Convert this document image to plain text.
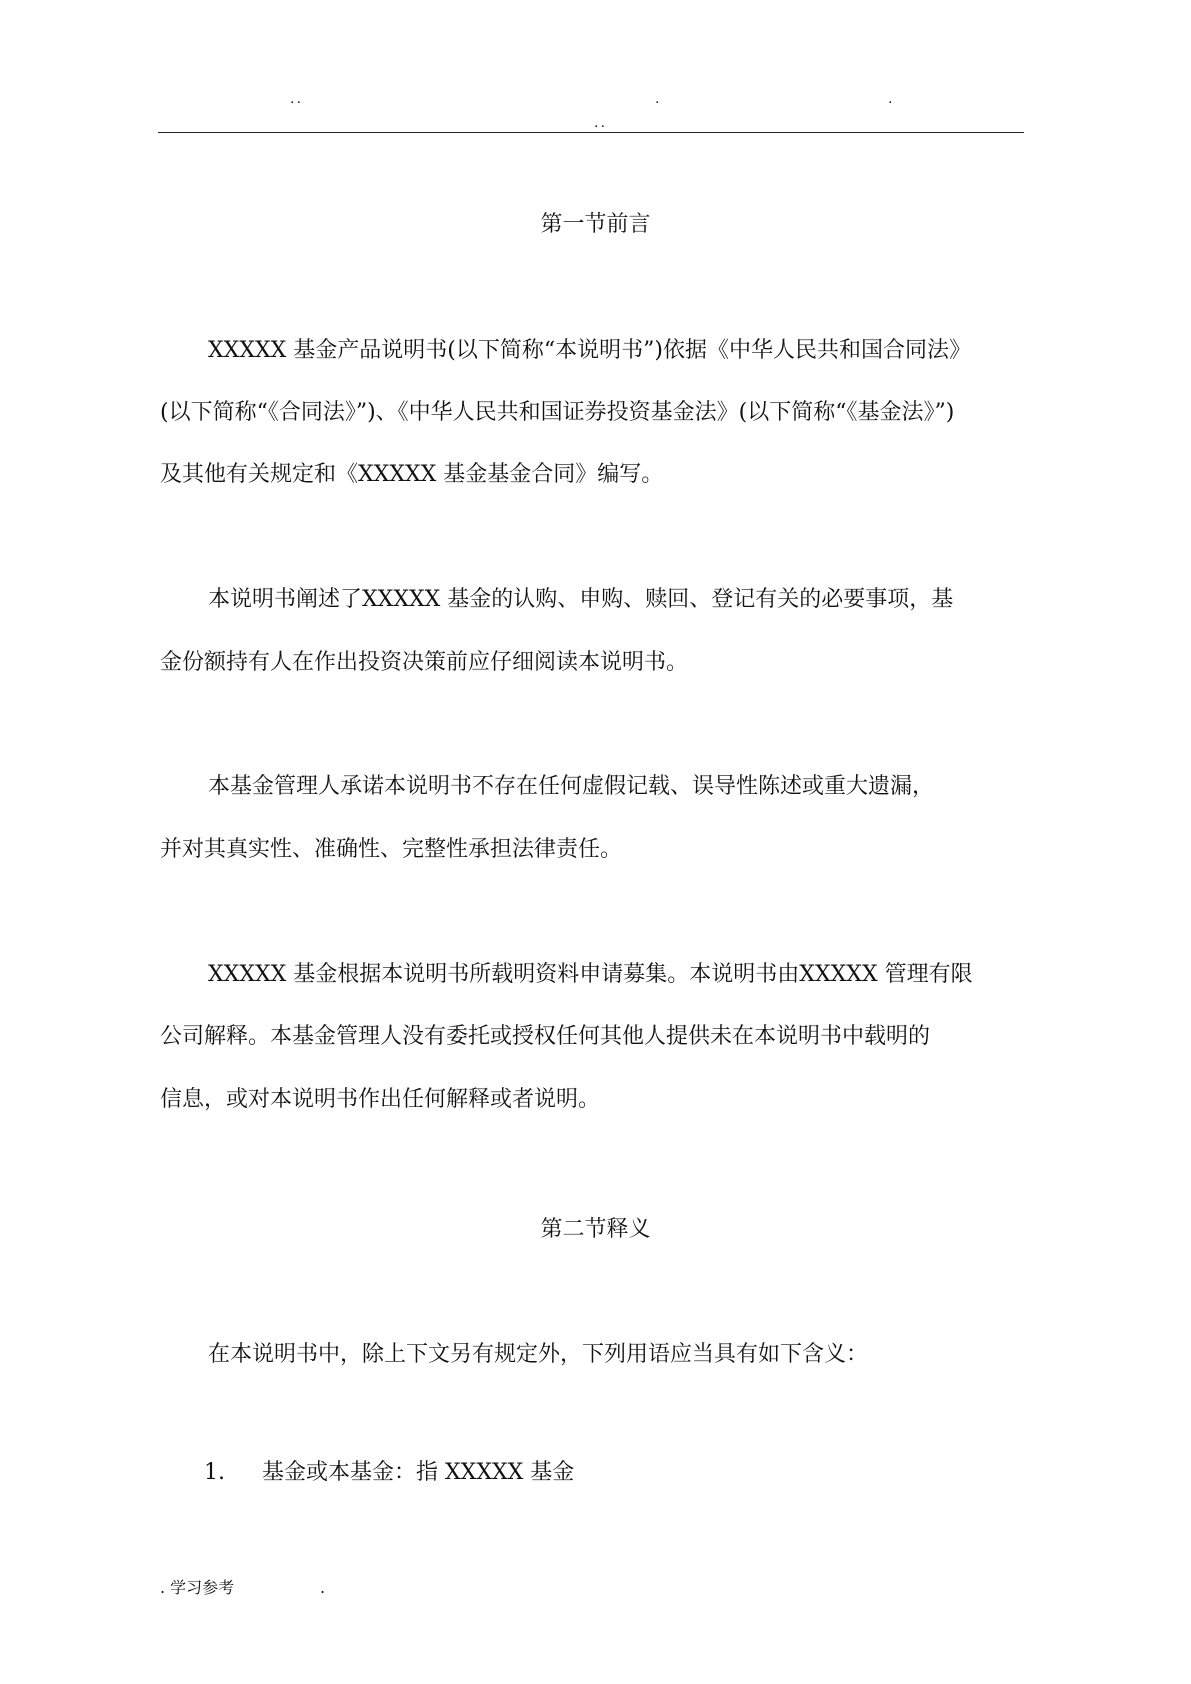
..	.	.
..
第一节前言
XXXXX 基金产品说明书(以下简称“本说明书”)依据《中华人民共和国合同法》
(以下简称“《合同法》”)、《中华人民共和国证券投资基金法》(以下简称“《基金法》”)
及其他有关规定和《XXXXX 基金基金合同》编写。
本说明书阐述了XXXXX 基金的认购、申购、赎回、登记有关的必要事项，基
金份额持有人在作出投资决策前应仔细阅读本说明书。
本基金管理人承诺本说明书不存在任何虚假记载、误导性陈述或重大遗漏，
并对其真实性、准确性、完整性承担法律责任。
XXXXX 基金根据本说明书所载明资料申请募集。本说明书由XXXXX 管理有限
公司解释。本基金管理人没有委托或授权任何其他人提供未在本说明书中载明的
信息，或对本说明书作出任何解释或者说明。
第二节释义
在本说明书中，除上下文另有规定外，下列用语应当具有如下含义：
1. 基金或本基金：指 XXXXX 基金
. 学习参考	.
